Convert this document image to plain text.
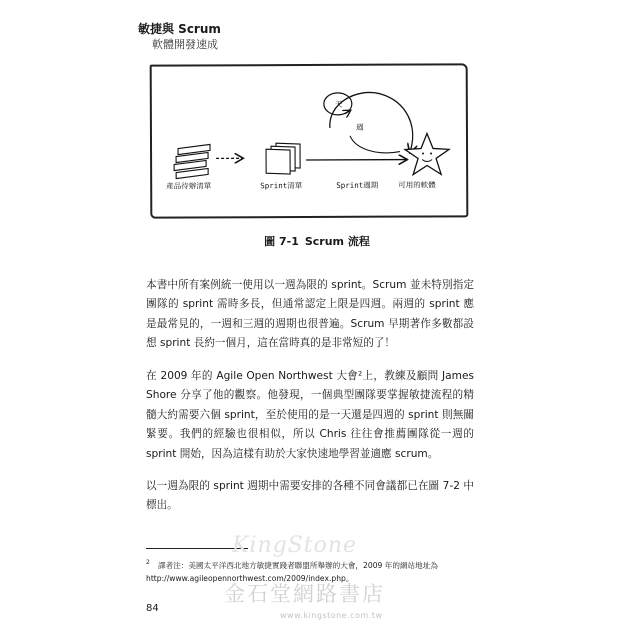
敏捷與 Scrum
軟體開發速成
天
週
產品待辦清單	Sprint清單	Sprint週期	可用的軟體
圖 7-1 Scrum 流程

本書中所有案例統一使用以一週為限的 sprint。Scrum 並未特別指定團隊的 sprint 需時多長，但通常認定上限是四週。兩週的 sprint 應是最常見的，一週和三週的週期也很普遍。Scrum 早期著作多數都設想 sprint 長約一個月，這在當時真的是非常短的了！

在 2009 年的 Agile Open Northwest 大會²上，教練及顧問 James Shore 分享了他的觀察。他發現，一個典型團隊要掌握敏捷流程的精髓大約需要六個 sprint，至於使用的是一天還是四週的 sprint 則無關緊要。我們的經驗也很相似，所以 Chris 往往會推薦團隊從一週的 sprint 開始，因為這樣有助於大家快速地學習並適應 scrum。

以一週為限的 sprint 週期中需要安排的各種不同會議都已在圖 7-2 中標出。

2	譯者注：美國太平洋西北地方敏捷實踐者聯盟所舉辦的大會，2009 年的網站地址為
http://www.agileopennorthwest.com/2009/index.php。
KingStone
金石堂網路書店
www.kingstone.com.tw
84
